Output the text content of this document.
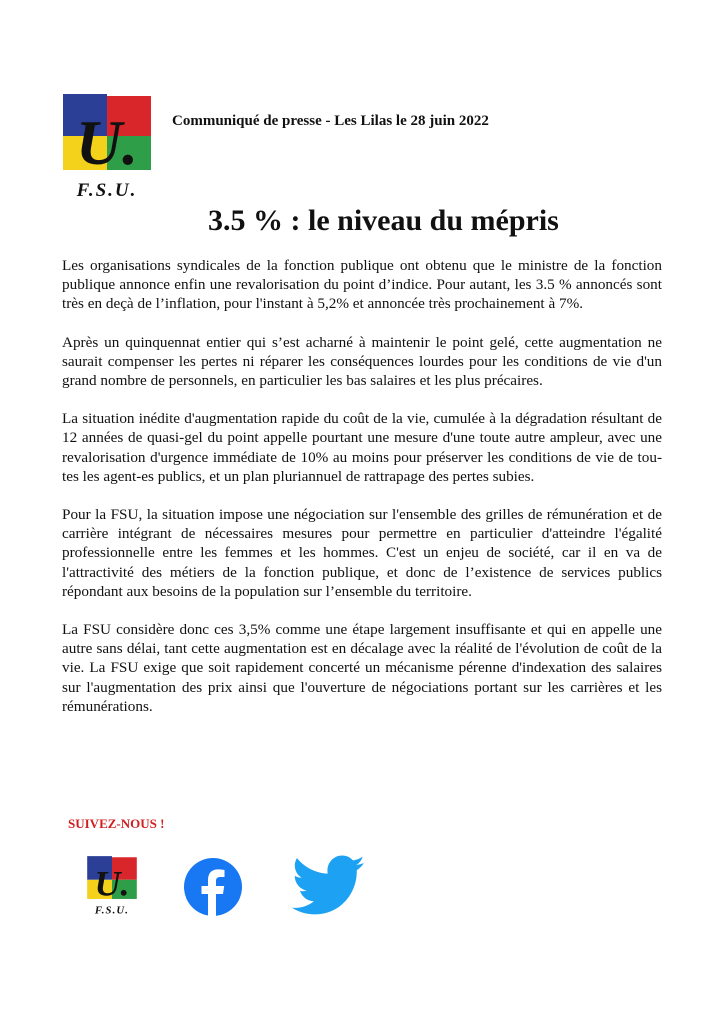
U.
F.S.U.
Communiqué de presse - Les Lilas le 28 juin 2022
3.5 % : le niveau du mépris

Les organisations syndicales de la fonction publique ont obtenu que le ministre de la fonction publique annonce enfin une revalorisation du point d’indice. Pour autant, les 3.5 % annoncés sont très en deçà de l’inflation, pour l'instant à 5,2% et annoncée très prochainement à 7%.

Après un quinquennat entier qui s’est acharné à maintenir le point gelé, cette augmentation ne saurait compenser les pertes ni réparer les conséquences lourdes pour les conditions de vie d'un grand nombre de personnels, en particulier les bas salaires et les plus précaires.

La situation inédite d'augmentation rapide du coût de la vie, cumulée à la dégradation résultant de 12 années de quasi-gel du point appelle pourtant une mesure d'une toute autre ampleur, avec une revalorisation d'urgence immédiate de 10% au moins pour préserver les conditions de vie de tou-tes les agent-es publics, et un plan pluriannuel de rattrapage des pertes subies.

Pour la FSU, la situation impose une négociation sur l'ensemble des grilles de rémunération et de carrière intégrant de nécessaires mesures pour permettre en particulier d'atteindre l'égalité professionnelle entre les femmes et les hommes. C'est un enjeu de société, car il en va de l'attractivité des métiers de la fonction publique, et donc de l’existence de services publics répondant aux besoins de la population sur l’ensemble du territoire.

La FSU considère donc ces 3,5% comme une étape largement insuffisante et qui en appelle une autre sans délai, tant cette augmentation est en décalage avec la réalité de l'évolution de coût de la vie. La FSU exige que soit rapidement concerté un mécanisme pérenne d'indexation des salaires sur l'augmentation des prix ainsi que l'ouverture de négociations portant sur les carrières et les rémunérations.

SUIVEZ-NOUS !
U.
F.S.U.
